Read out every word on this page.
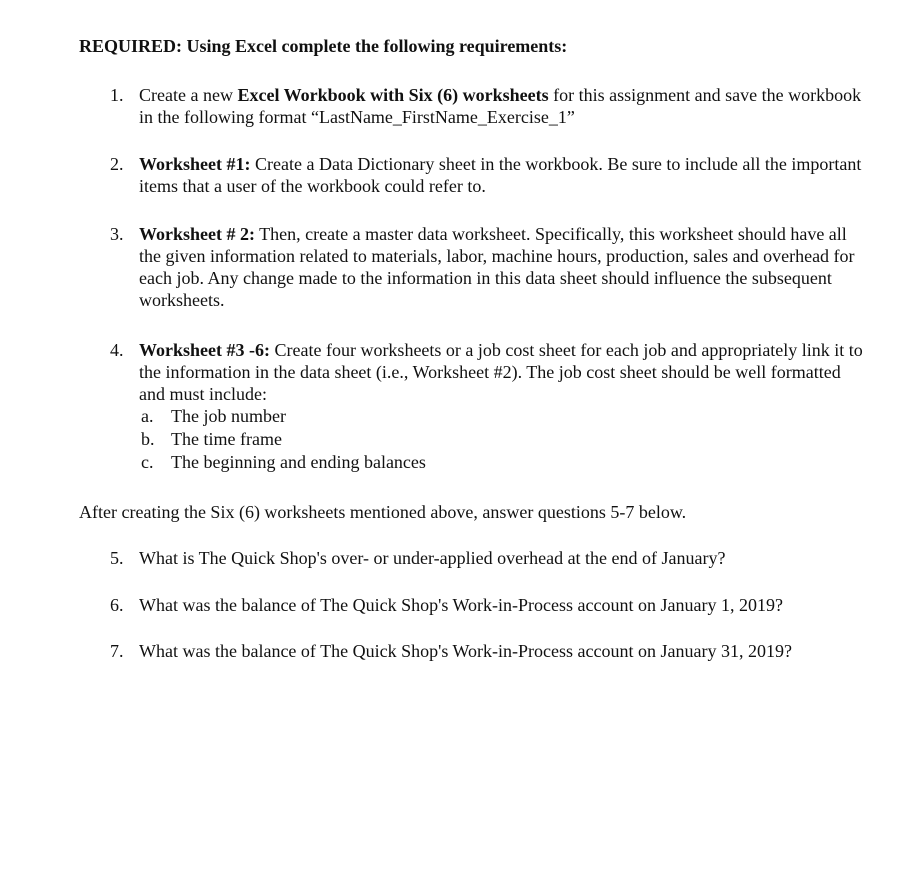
REQUIRED: Using Excel complete the following requirements:
1. Create a new Excel Workbook with Six (6) worksheets for this assignment and save the workbook in the following format “LastName_FirstName_Exercise_1”
2. Worksheet #1: Create a Data Dictionary sheet in the workbook. Be sure to include all the important items that a user of the workbook could refer to.
3. Worksheet # 2: Then, create a master data worksheet. Specifically, this worksheet should have all the given information related to materials, labor, machine hours, production, sales and overhead for each job. Any change made to the information in this data sheet should influence the subsequent worksheets.
4. Worksheet #3 -6: Create four worksheets or a job cost sheet for each job and appropriately link it to the information in the data sheet (i.e., Worksheet #2). The job cost sheet should be well formatted and must include:
a. The job number
b. The time frame
c. The beginning and ending balances
After creating the Six (6) worksheets mentioned above, answer questions 5-7 below.
5. What is The Quick Shop's over- or under-applied overhead at the end of January?
6. What was the balance of The Quick Shop's Work-in-Process account on January 1, 2019?
7. What was the balance of The Quick Shop's Work-in-Process account on January 31, 2019?
